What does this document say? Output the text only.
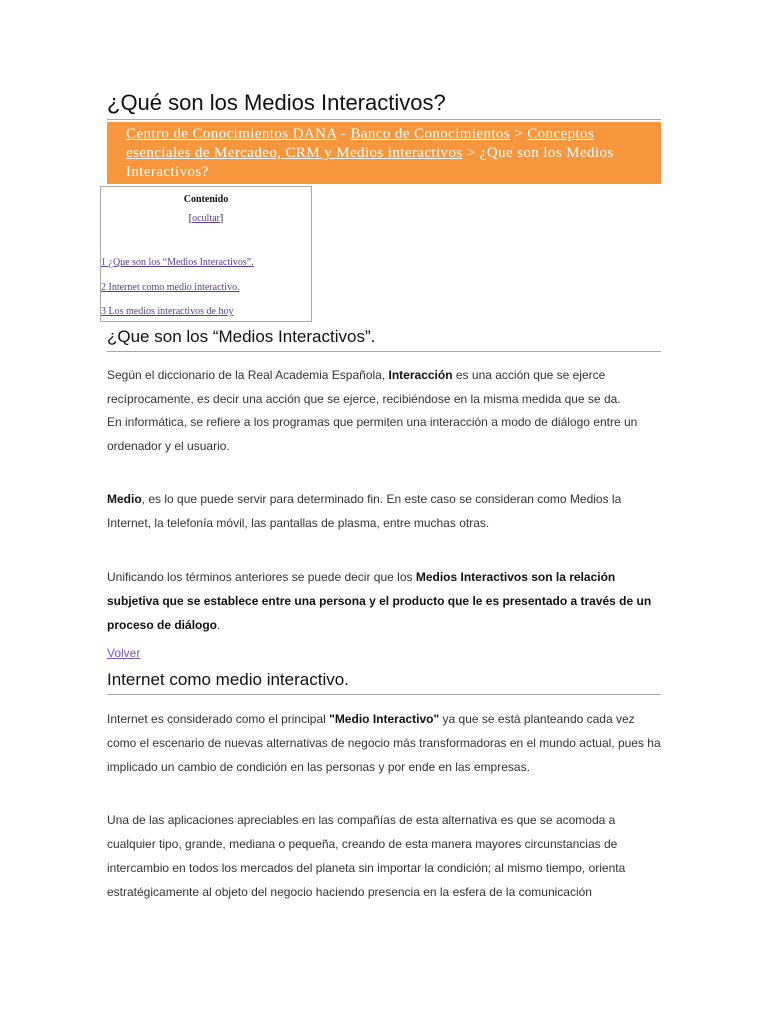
¿Qué son los Medios Interactivos?
Centro de Conocimientos DANA - Banco de Conocimientos > Conceptos esenciales de Mercadeo, CRM y Medios interactivos > ¿Que son los Medios Interactivos?
Contenido
[ocultar]
1 ¿Que son los “Medios Interactivos”.
2 Internet como medio interactivo.
3 Los medios interactivos de hoy
¿Que son los “Medios Interactivos”.

Según el diccionario de la Real Academia Española, Interacción es una acción que se ejerce recíprocamente, es decir una acción que se ejerce, recibiéndose en la misma medida que se da.

En informática, se refiere a los programas que permiten una interacción a modo de diálogo entre un ordenador y el usuario.

Medio, es lo que puede servir para determinado fin. En este caso se consideran como Medios la Internet, la telefonía móvil, las pantallas de plasma, entre muchas otras.

Unificando los términos anteriores se puede decir que los Medios Interactivos son la relación subjetiva que se establece entre una persona y el producto que le es presentado a través de un proceso de diálogo.

Volver
Internet como medio interactivo.

Internet es considerado como el principal "Medio Interactivo" ya que se está planteando cada vez como el escenario de nuevas alternativas de negocio más transformadoras en el mundo actual, pues ha implicado un cambio de condición en las personas y por ende en las empresas.

Una de las aplicaciones apreciables en las compañías de esta alternativa es que se acomoda a cualquier tipo, grande, mediana o pequeña, creando de esta manera mayores circunstancias de intercambio en todos los mercados del planeta sin importar la condición; al mismo tiempo, orienta estratégicamente al objeto del negocio haciendo presencia en la esfera de la comunicación
